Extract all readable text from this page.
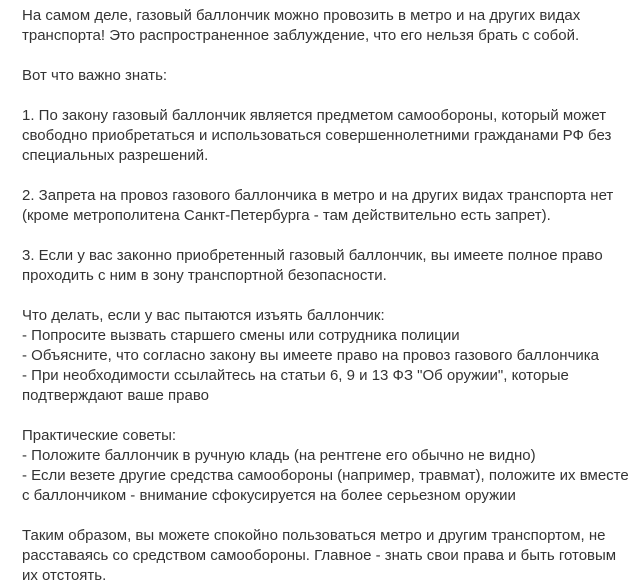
На самом деле, газовый баллончик можно провозить в метро и на других видах
транспорта! Это распространенное заблуждение, что его нельзя брать с собой.

Вот что важно знать:

1. По закону газовый баллончик является предметом самообороны, который может
свободно приобретаться и использоваться совершеннолетними гражданами РФ без
специальных разрешений.

2. Запрета на провоз газового баллончика в метро и на других видах транспорта нет
(кроме метрополитена Санкт-Петербурга - там действительно есть запрет).

3. Если у вас законно приобретенный газовый баллончик, вы имеете полное право
проходить с ним в зону транспортной безопасности.

Что делать, если у вас пытаются изъять баллончик:
- Попросите вызвать старшего смены или сотрудника полиции
- Объясните, что согласно закону вы имеете право на провоз газового баллончика
- При необходимости ссылайтесь на статьи 6, 9 и 13 ФЗ "Об оружии", которые
подтверждают ваше право

Практические советы:
- Положите баллончик в ручную кладь (на рентгене его обычно не видно)
- Если везете другие средства самообороны (например, травмат), положите их вместе
с баллончиком - внимание сфокусируется на более серьезном оружии

Таким образом, вы можете спокойно пользоваться метро и другим транспортом, не
расставаясь со средством самообороны. Главное - знать свои права и быть готовым
их отстоять.
